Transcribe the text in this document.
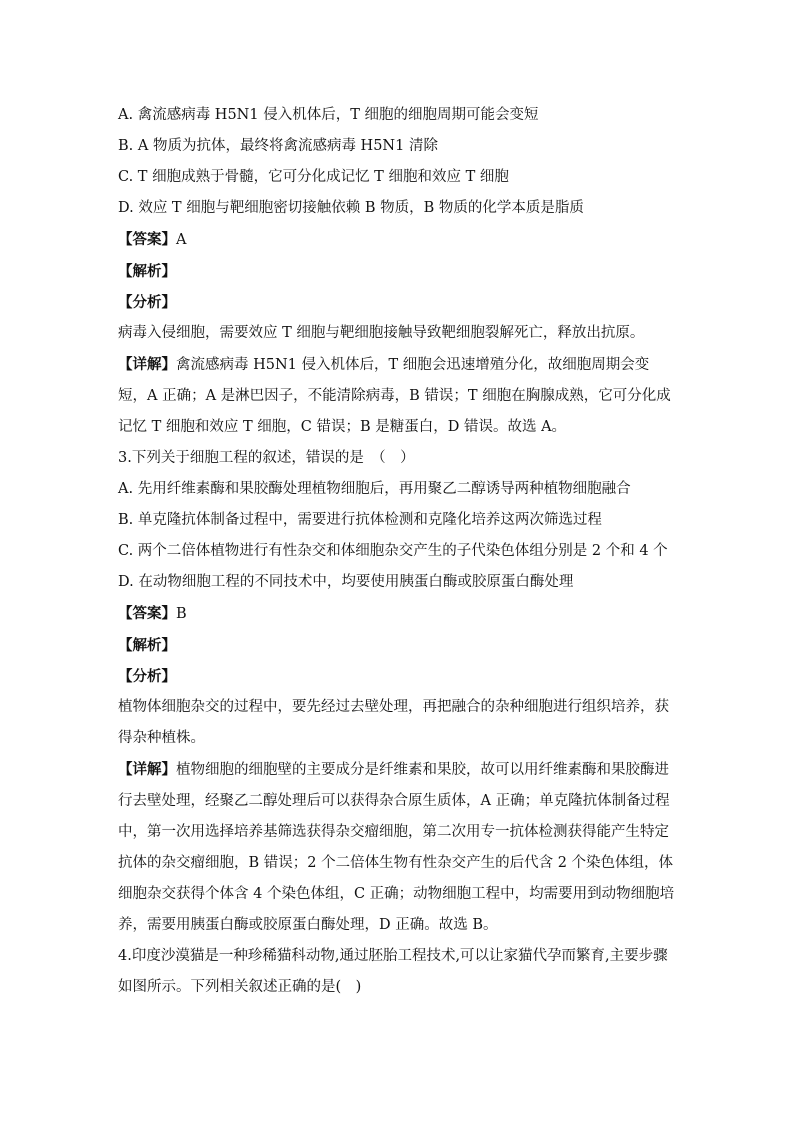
A. 禽流感病毒 H5N1 侵入机体后，T 细胞的细胞周期可能会变短
B. A 物质为抗体，最终将禽流感病毒 H5N1 清除
C. T 细胞成熟于骨髓，它可分化成记忆 T 细胞和效应 T 细胞
D. 效应 T 细胞与靶细胞密切接触依赖 B 物质，B 物质的化学本质是脂质
【答案】A
【解析】
【分析】
病毒入侵细胞，需要效应 T 细胞与靶细胞接触导致靶细胞裂解死亡，释放出抗原。
【详解】禽流感病毒 H5N1 侵入机体后，T 细胞会迅速增殖分化，故细胞周期会变短，A 正确；A 是淋巴因子，不能清除病毒，B 错误；T 细胞在胸腺成熟，它可分化成记忆 T 细胞和效应 T 细胞，C 错误；B 是糖蛋白，D 错误。故选 A。
3.下列关于细胞工程的叙述，错误的是　（　）
A. 先用纤维素酶和果胶酶处理植物细胞后，再用聚乙二醇诱导两种植物细胞融合
B. 单克隆抗体制备过程中，需要进行抗体检测和克隆化培养这两次筛选过程
C. 两个二倍体植物进行有性杂交和体细胞杂交产生的子代染色体组分别是 2 个和 4 个
D. 在动物细胞工程的不同技术中，均要使用胰蛋白酶或胶原蛋白酶处理
【答案】B
【解析】
【分析】
植物体细胞杂交的过程中，要先经过去壁处理，再把融合的杂种细胞进行组织培养，获得杂种植株。
【详解】植物细胞的细胞壁的主要成分是纤维素和果胶，故可以用纤维素酶和果胶酶进行去壁处理，经聚乙二醇处理后可以获得杂合原生质体，A 正确；单克隆抗体制备过程中，第一次用选择培养基筛选获得杂交瘤细胞，第二次用专一抗体检测获得能产生特定抗体的杂交瘤细胞，B 错误；2 个二倍体生物有性杂交产生的后代含 2 个染色体组，体细胞杂交获得个体含 4 个染色体组，C 正确；动物细胞工程中，均需要用到动物细胞培养，需要用胰蛋白酶或胶原蛋白酶处理，D 正确。故选 B。
4.印度沙漠猫是一种珍稀猫科动物,通过胚胎工程技术,可以让家猫代孕而繁育,主要步骤如图所示。下列相关叙述正确的是(　)
